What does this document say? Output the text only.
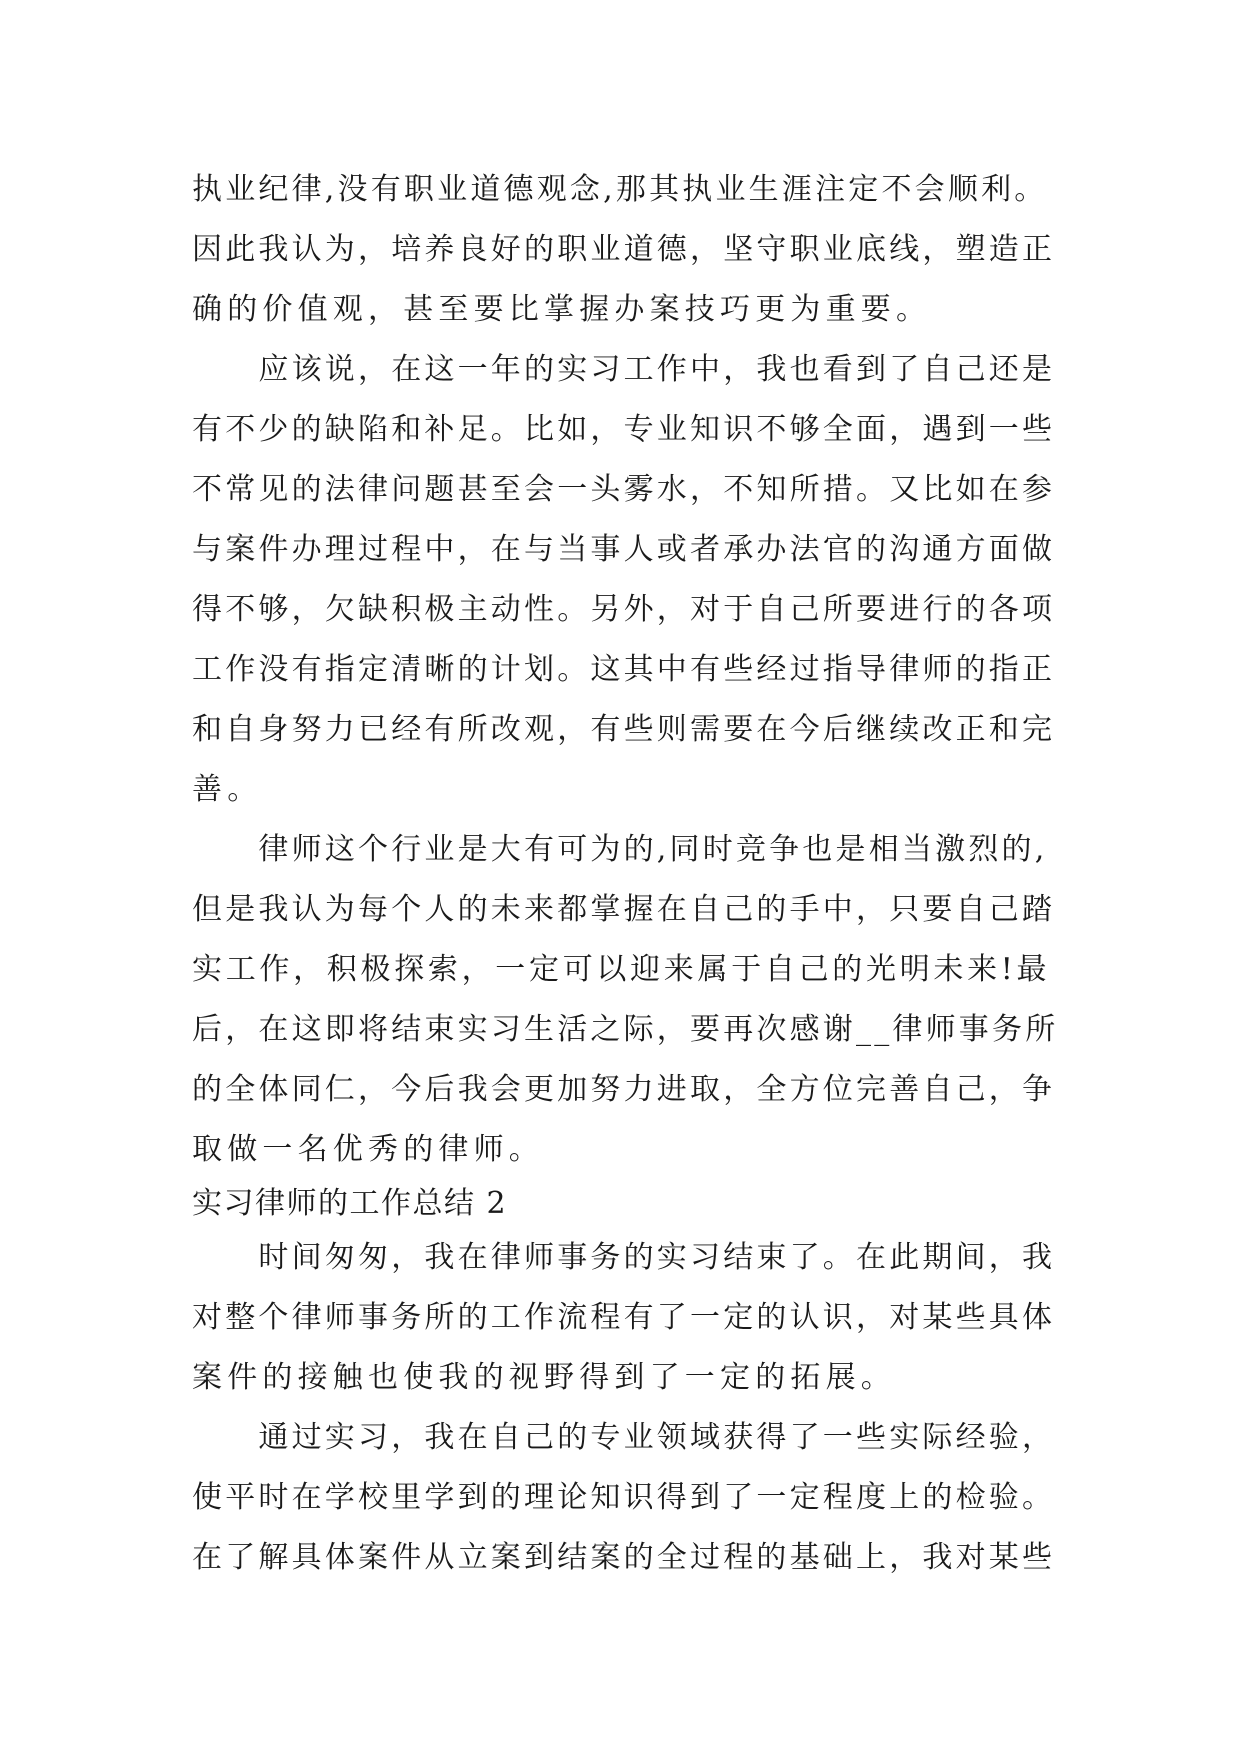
执业纪律,没有职业道德观念,那其执业生涯注定不会顺利。
因此我认为，培养良好的职业道德，坚守职业底线，塑造正
确的价值观，甚至要比掌握办案技巧更为重要。
　　应该说，在这一年的实习工作中，我也看到了自己还是
有不少的缺陷和补足。比如，专业知识不够全面，遇到一些
不常见的法律问题甚至会一头雾水，不知所措。又比如在参
与案件办理过程中，在与当事人或者承办法官的沟通方面做
得不够，欠缺积极主动性。另外，对于自己所要进行的各项
工作没有指定清晰的计划。这其中有些经过指导律师的指正
和自身努力已经有所改观，有些则需要在今后继续改正和完
善。
　　律师这个行业是大有可为的,同时竞争也是相当激烈的,
但是我认为每个人的未来都掌握在自己的手中，只要自己踏
实工作，积极探索，一定可以迎来属于自己的光明未来!最
后，在这即将结束实习生活之际，要再次感谢__律师事务所
的全体同仁，今后我会更加努力进取，全方位完善自己，争
取做一名优秀的律师。
实习律师的工作总结 2
　　时间匆匆，我在律师事务的实习结束了。在此期间，我
对整个律师事务所的工作流程有了一定的认识，对某些具体
案件的接触也使我的视野得到了一定的拓展。
　　通过实习，我在自己的专业领域获得了一些实际经验，
使平时在学校里学到的理论知识得到了一定程度上的检验。
在了解具体案件从立案到结案的全过程的基础上，我对某些
